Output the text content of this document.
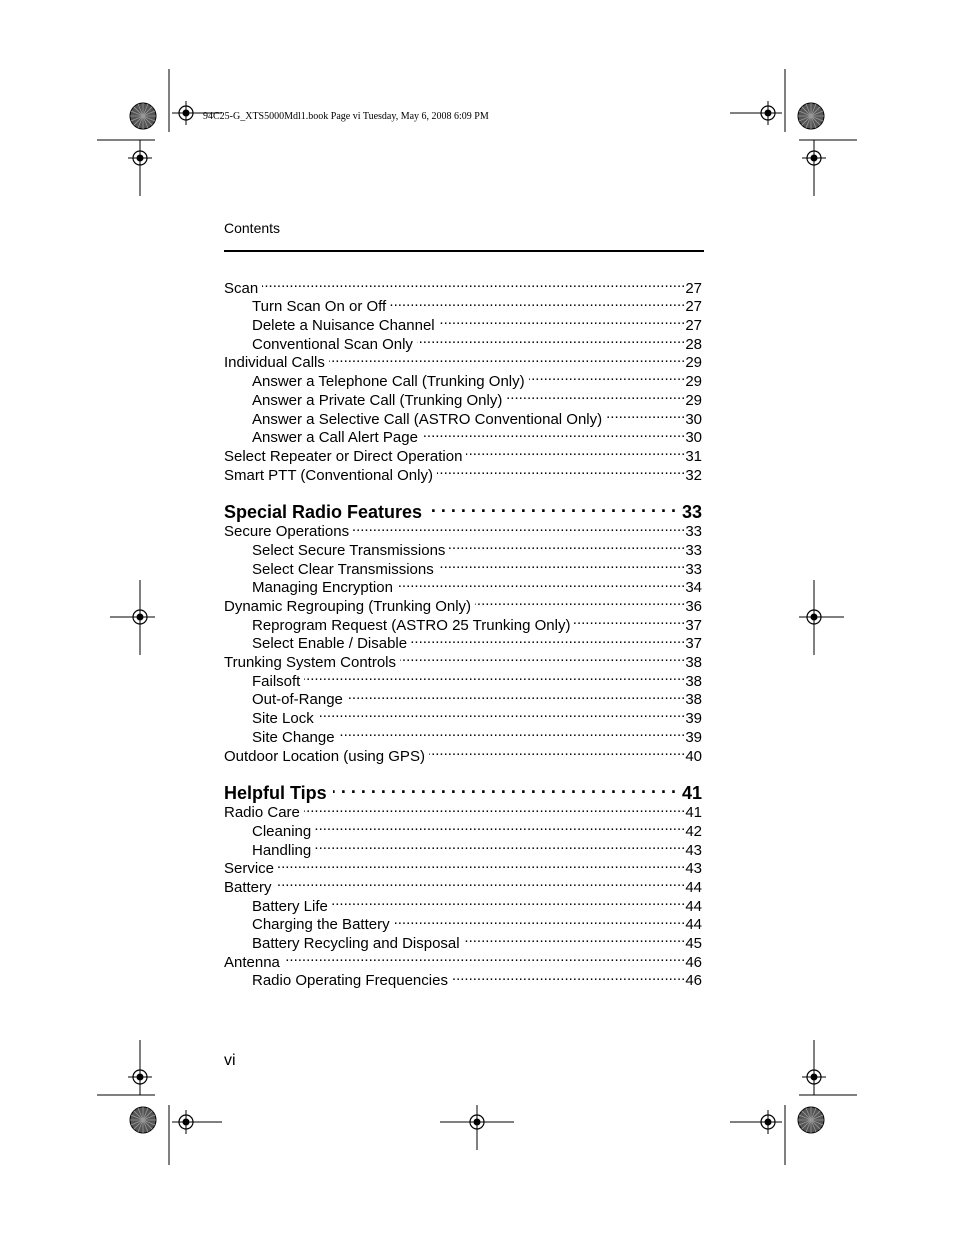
94C25-G_XTS5000Mdl1.book Page vi Tuesday, May 6, 2008 6:09 PM
Contents
Scan .....	27
Turn Scan On or Off .....	27
Delete a Nuisance Channel .....	27
Conventional Scan Only .....	28
Individual Calls .....	29
Answer a Telephone Call (Trunking Only) .....	29
Answer a Private Call (Trunking Only) .....	29
Answer a Selective Call (ASTRO Conventional Only) .....	30
Answer a Call Alert Page .....	30
Select Repeater or Direct Operation .....	31
Smart PTT (Conventional Only) .....	32
Special Radio Features . . .	33
Secure Operations .....	33
Select Secure Transmissions .....	33
Select Clear Transmissions .....	33
Managing Encryption .....	34
Dynamic Regrouping (Trunking Only) .....	36
Reprogram Request (ASTRO 25 Trunking Only) .....	37
Select Enable / Disable .....	37
Trunking System Controls .....	38
Failsoft .....	38
Out-of-Range .....	38
Site Lock .....	39
Site Change .....	39
Outdoor Location (using GPS) .....	40
Helpful Tips . . .	41
Radio Care .....	41
Cleaning .....	42
Handling .....	43
Service .....	43
Battery .....	44
Battery Life .....	44
Charging the Battery .....	44
Battery Recycling and Disposal .....	45
Antenna .....	46
Radio Operating Frequencies .....	46
vi
